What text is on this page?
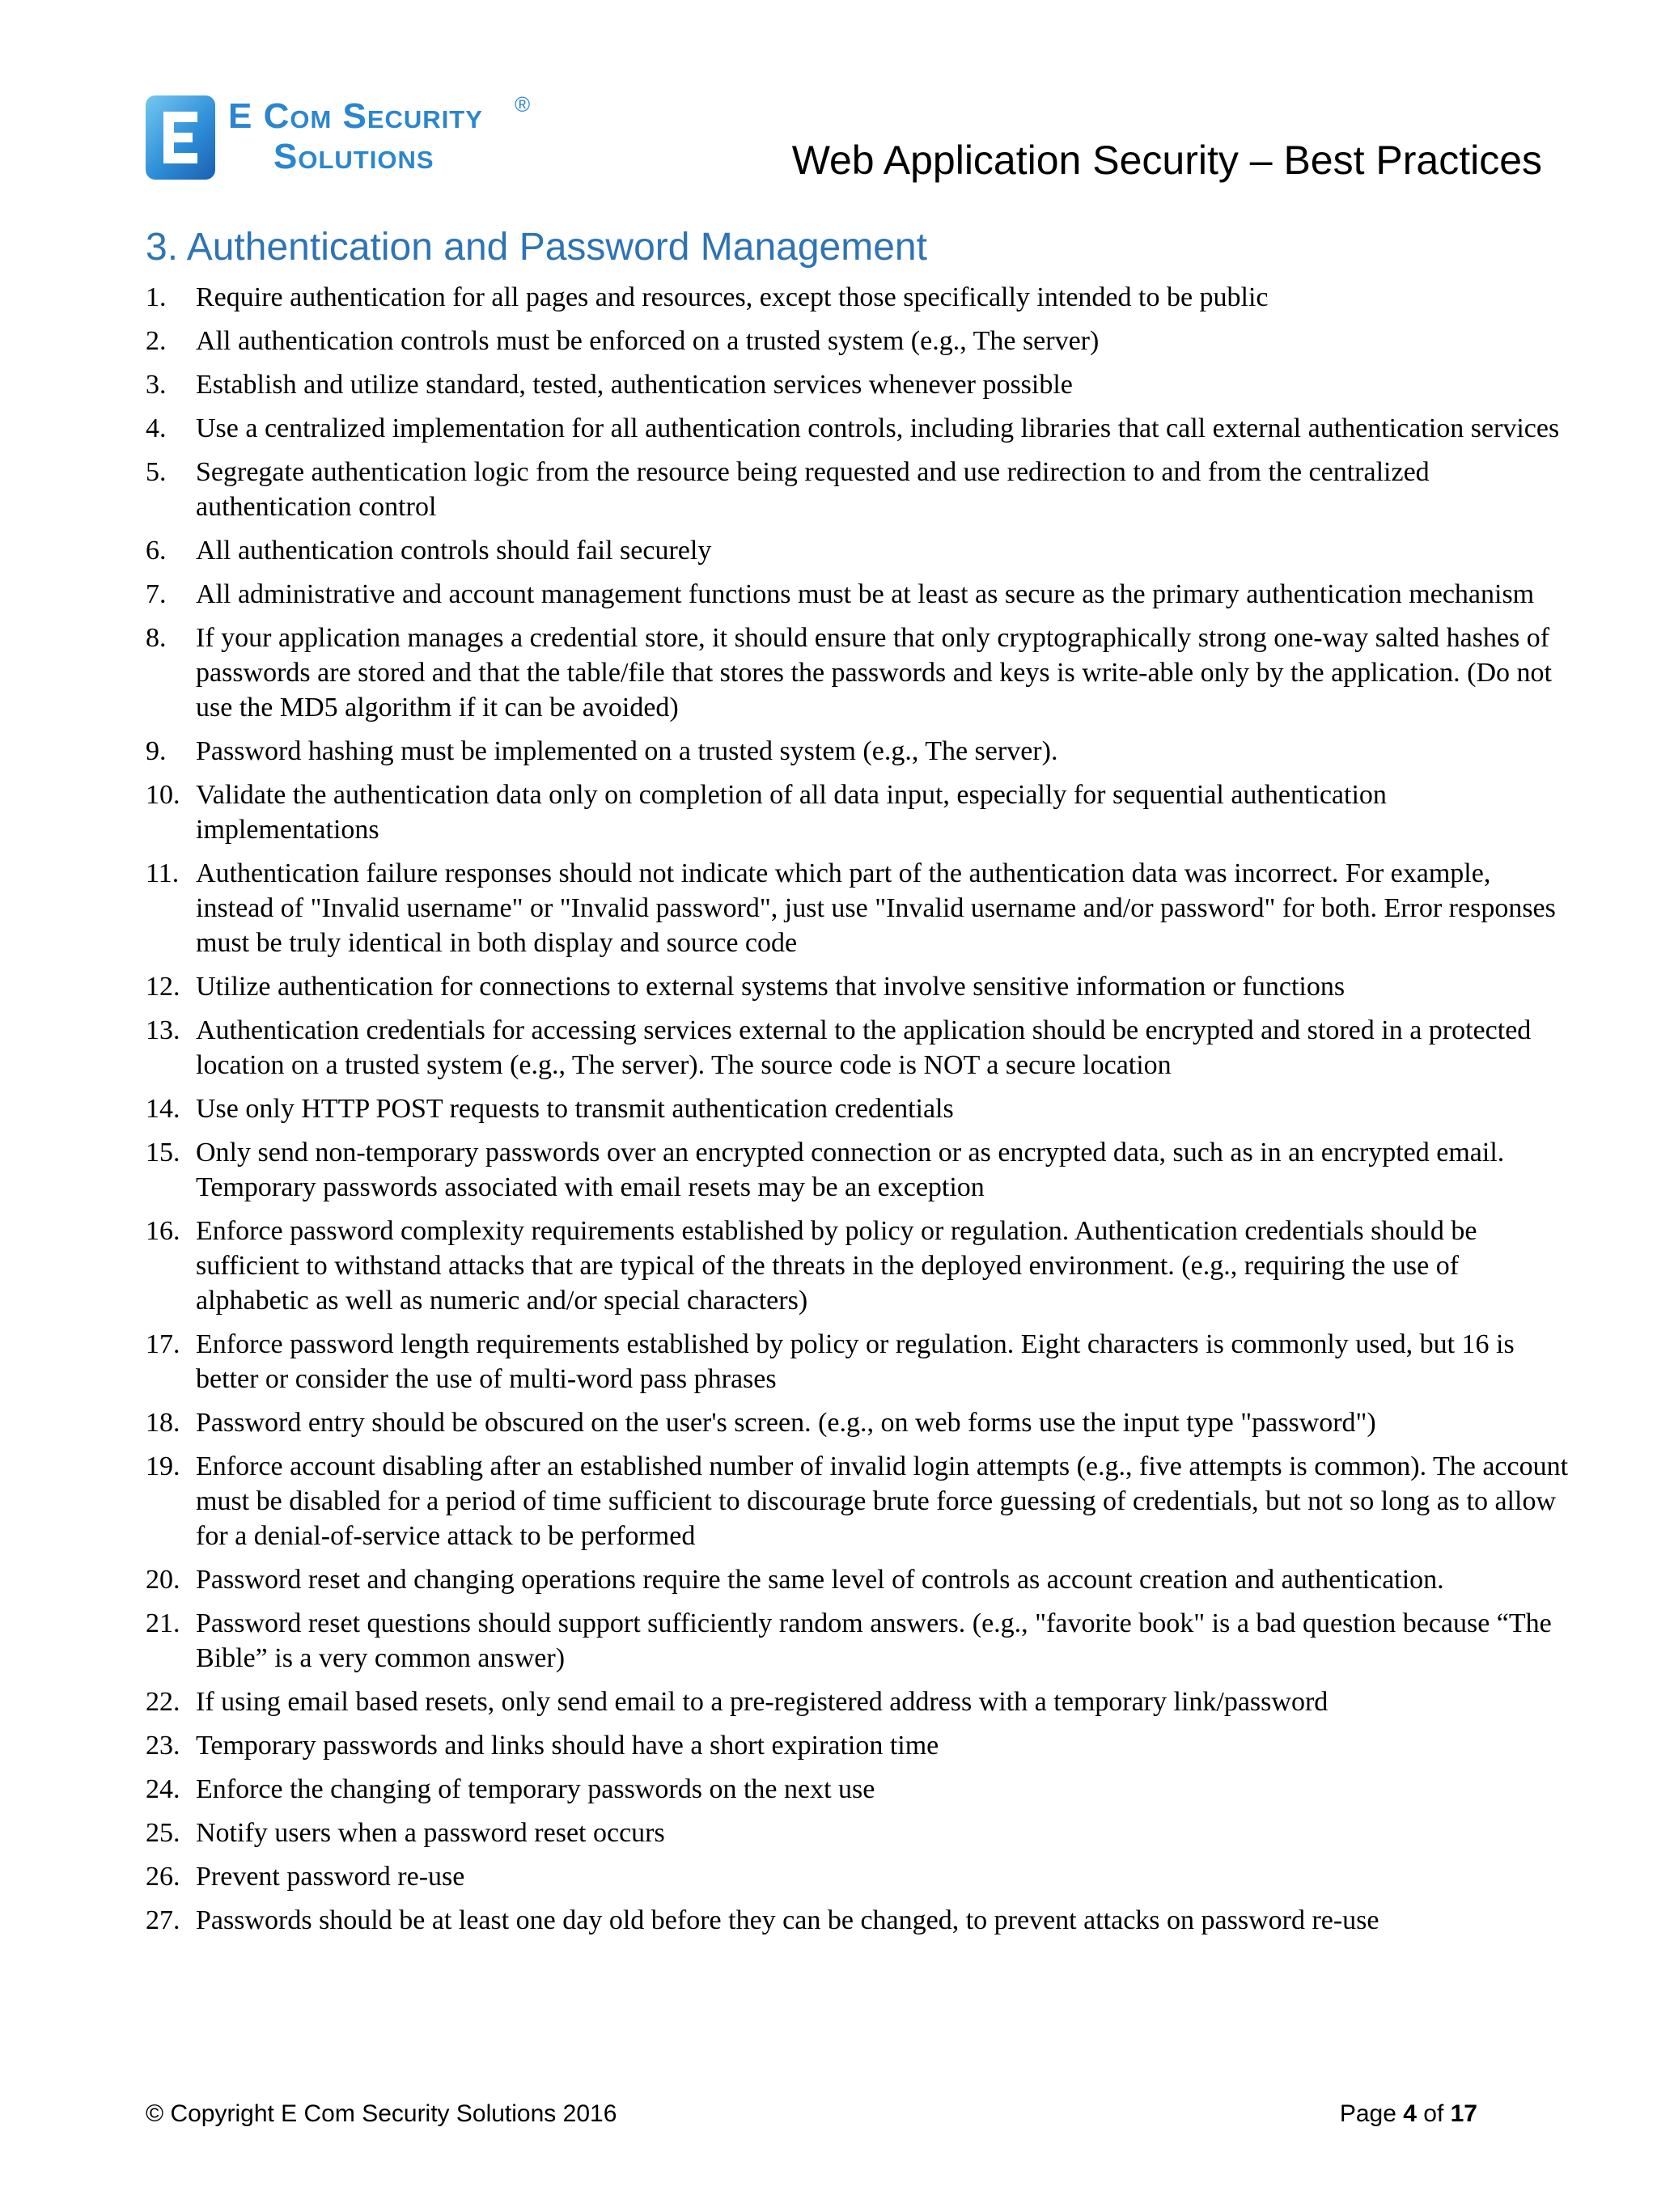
E Com Security ®
Solutions	Web Application Security – Best Practices
3. Authentication and Password Management
1. Require authentication for all pages and resources, except those specifically intended to be public
2. All authentication controls must be enforced on a trusted system (e.g., The server)
3. Establish and utilize standard, tested, authentication services whenever possible
4. Use a centralized implementation for all authentication controls, including libraries that call external authentication services
5. Segregate authentication logic from the resource being requested and use redirection to and from the centralized authentication control
6. All authentication controls should fail securely
7. All administrative and account management functions must be at least as secure as the primary authentication mechanism
8. If your application manages a credential store, it should ensure that only cryptographically strong one-way salted hashes of passwords are stored and that the table/file that stores the passwords and keys is write-able only by the application. (Do not use the MD5 algorithm if it can be avoided)
9. Password hashing must be implemented on a trusted system (e.g., The server).
10. Validate the authentication data only on completion of all data input, especially for sequential authentication implementations
11. Authentication failure responses should not indicate which part of the authentication data was incorrect. For example, instead of "Invalid username" or "Invalid password", just use "Invalid username and/or password" for both. Error responses must be truly identical in both display and source code
12. Utilize authentication for connections to external systems that involve sensitive information or functions
13. Authentication credentials for accessing services external to the application should be encrypted and stored in a protected location on a trusted system (e.g., The server). The source code is NOT a secure location
14. Use only HTTP POST requests to transmit authentication credentials
15. Only send non-temporary passwords over an encrypted connection or as encrypted data, such as in an encrypted email. Temporary passwords associated with email resets may be an exception
16. Enforce password complexity requirements established by policy or regulation. Authentication credentials should be sufficient to withstand attacks that are typical of the threats in the deployed environment. (e.g., requiring the use of alphabetic as well as numeric and/or special characters)
17. Enforce password length requirements established by policy or regulation. Eight characters is commonly used, but 16 is better or consider the use of multi-word pass phrases
18. Password entry should be obscured on the user's screen. (e.g., on web forms use the input type "password")
19. Enforce account disabling after an established number of invalid login attempts (e.g., five attempts is common). The account must be disabled for a period of time sufficient to discourage brute force guessing of credentials, but not so long as to allow for a denial-of-service attack to be performed
20. Password reset and changing operations require the same level of controls as account creation and authentication.
21. Password reset questions should support sufficiently random answers. (e.g., "favorite book" is a bad question because “The Bible” is a very common answer)
22. If using email based resets, only send email to a pre-registered address with a temporary link/password
23. Temporary passwords and links should have a short expiration time
24. Enforce the changing of temporary passwords on the next use
25. Notify users when a password reset occurs
26. Prevent password re-use
27. Passwords should be at least one day old before they can be changed, to prevent attacks on password re-use
© Copyright E Com Security Solutions 2016	Page 4 of 17
